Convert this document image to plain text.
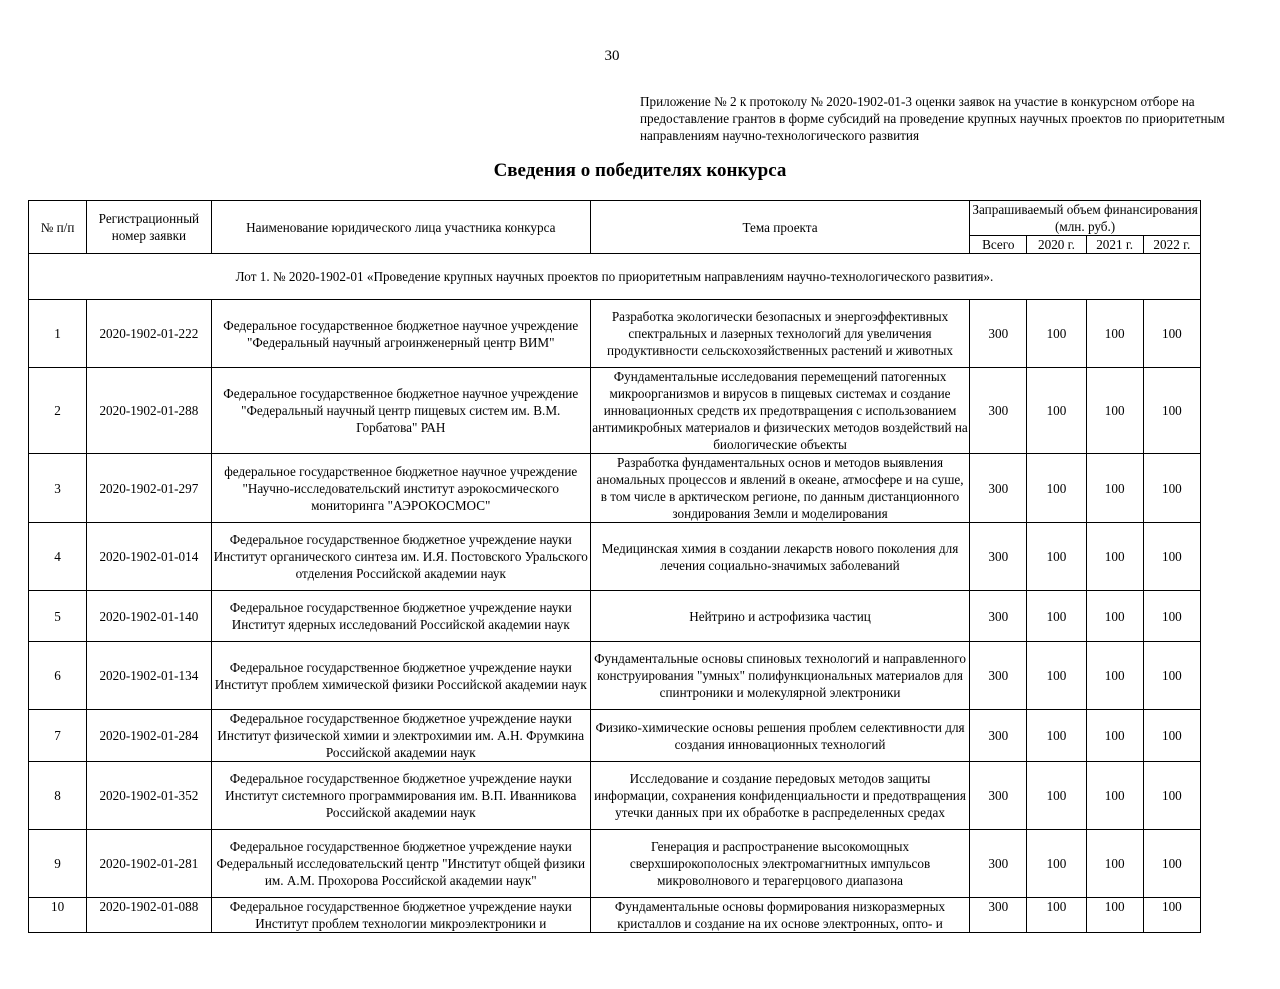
30
Приложение № 2 к протоколу № 2020-1902-01-3 оценки заявок на участие в конкурсном отборе на предоставление грантов в форме субсидий на проведение крупных научных проектов по приоритетным направлениям научно-технологического развития
Сведения о победителях конкурса
№ п/п	Регистрационный номер заявки	Наименование юридического лица участника конкурса	Тема проекта	Запрашиваемый объем финансирования (млн. руб.)			
				Всего	2020 г.	2021 г.	2022 г.
Лот 1. № 2020-1902-01 «Проведение крупных научных проектов по приоритетным направлениям научно-технологического развития».							
1	2020-1902-01-222	Федеральное государственное бюджетное научное учреждение "Федеральный научный агроинженерный центр ВИМ"	Разработка экологически безопасных и энергоэффективных спектральных и лазерных технологий для увеличения продуктивности сельскохозяйственных растений и животных	300	100	100	100
2	2020-1902-01-288	Федеральное государственное бюджетное научное учреждение "Федеральный научный центр пищевых систем им. В.М. Горбатова" РАН	Фундаментальные исследования перемещений патогенных микроорганизмов и вирусов в пищевых системах и создание инновационных средств их предотвращения с использованием антимикробных материалов и физических методов воздействий на биологические объекты	300	100	100	100
3	2020-1902-01-297	федеральное государственное бюджетное научное учреждение "Научно-исследовательский институт аэрокосмического мониторинга "АЭРОКОСМОС"	Разработка фундаментальных основ и методов выявления аномальных процессов и явлений в океане, атмосфере и на суше, в том числе в арктическом регионе, по данным дистанционного зондирования Земли и моделирования	300	100	100	100
4	2020-1902-01-014	Федеральное государственное бюджетное учреждение науки Институт органического синтеза им. И.Я. Постовского Уральского отделения Российской академии наук	Медицинская химия в создании лекарств нового поколения для лечения социально-значимых заболеваний	300	100	100	100
5	2020-1902-01-140	Федеральное государственное бюджетное учреждение науки Институт ядерных исследований Российской академии наук	Нейтрино и астрофизика частиц	300	100	100	100
6	2020-1902-01-134	Федеральное государственное бюджетное учреждение науки Институт проблем химической физики Российской академии наук	Фундаментальные основы спиновых технологий и направленного конструирования "умных" полифункциональных материалов для спинтроники и молекулярной электроники	300	100	100	100
7	2020-1902-01-284	Федеральное государственное бюджетное учреждение науки Институт физической химии и электрохимии им. А.Н. Фрумкина Российской академии наук	Физико-химические основы решения проблем селективности для создания инновационных технологий	300	100	100	100
8	2020-1902-01-352	Федеральное государственное бюджетное учреждение науки Институт системного программирования им. В.П. Иванникова Российской академии наук	Исследование и создание передовых методов защиты информации, сохранения конфиденциальности и предотвращения утечки данных при их обработке в распределенных средах	300	100	100	100
9	2020-1902-01-281	Федеральное государственное бюджетное учреждение науки Федеральный исследовательский центр "Институт общей физики им. А.М. Прохорова Российской академии наук"	Генерация и распространение высокомощных сверхширокополосных электромагнитных импульсов микроволнового и терагерцового диапазона	300	100	100	100
10	2020-1902-01-088	Федеральное государственное бюджетное учреждение науки Институт проблем технологии микроэлектроники и	Фундаментальные основы формирования низкоразмерных кристаллов и создание на их основе электронных, опто- и	300	100	100	100
